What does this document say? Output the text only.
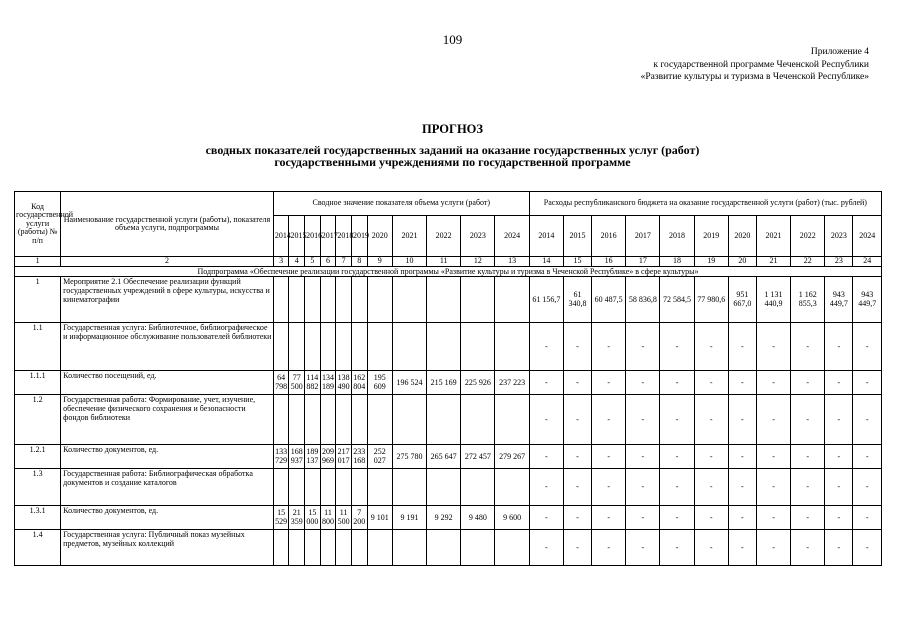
109
Приложение 4
к государственной программе Чеченской Республики
«Развитие культуры и туризма в Чеченской Республике»
ПРОГНОЗ
сводных показателей государственных заданий на оказание государственных услуг (работ)
государственными учреждениями по государственной программе
Код государственной услуги (работы) № п/п	Наименование государственной услуги (работы), показателя объема услуги, подпрограммы	Сводное значение показателя объема услуги (работ)											Расходы республиканского бюджета на оказание государственной услуги (работ) (тыс. рублей)										
		2014	2015	2016	2017	2018	2019	2020	2021	2022	2023	2024	2014	2015	2016	2017	2018	2019	2020	2021	2022	2023	2024
1	2	3	4	5	6	7	8	9	10	11	12	13	14	15	16	17	18	19	20	21	22	23	24
Подпрограмма «Обеспечение реализации государственной программы «Развитие культуры и туризма в Чеченской Республике» в сфере культуры»																							
1	Мероприятие 2.1 Обеспечение реализации функций государственных учреждений в сфере культуры, искусства и кинематографии												61 156,7	61 340,8	60 487,5	58 836,8	72 584,5	77 980,6	951 667,0	1 131 440,9	1 162 855,3	943 449,7	943 449,7
1.1	Государственная услуга: Библиотечное, библиографическое и информационное обслуживание пользователей библиотеки												-	-	-	-	-	-	-	-	-	-	-
1.1.1	Количество посещений, ед.	64 798	77 500	114 882	134 189	138 490	162 804	195 609	196 524	215 169	225 926	237 223	-	-	-	-	-	-	-	-	-	-	-
1.2	Государственная работа: Формирование, учет, изучение, обеспечение физического сохранения и безопасности фондов библиотеки												-	-	-	-	-	-	-	-	-	-	-
1.2.1	Количество документов, ед.	133 729	168 937	189 137	209 969	217 017	233 168	252 027	275 780	265 647	272 457	279 267	-	-	-	-	-	-	-	-	-	-	-
1.3	Государственная работа: Библиографическая обработка документов и создание каталогов												-	-	-	-	-	-	-	-	-	-	-
1.3.1	Количество документов, ед.	15 529	21 359	15 000	11 800	11 500	7 200	9 101	9 191	9 292	9 480	9 600	-	-	-	-	-	-	-	-	-	-	-
1.4	Государственная услуга: Публичный показ музейных предметов, музейных коллекций												-	-	-	-	-	-	-	-	-	-	-
